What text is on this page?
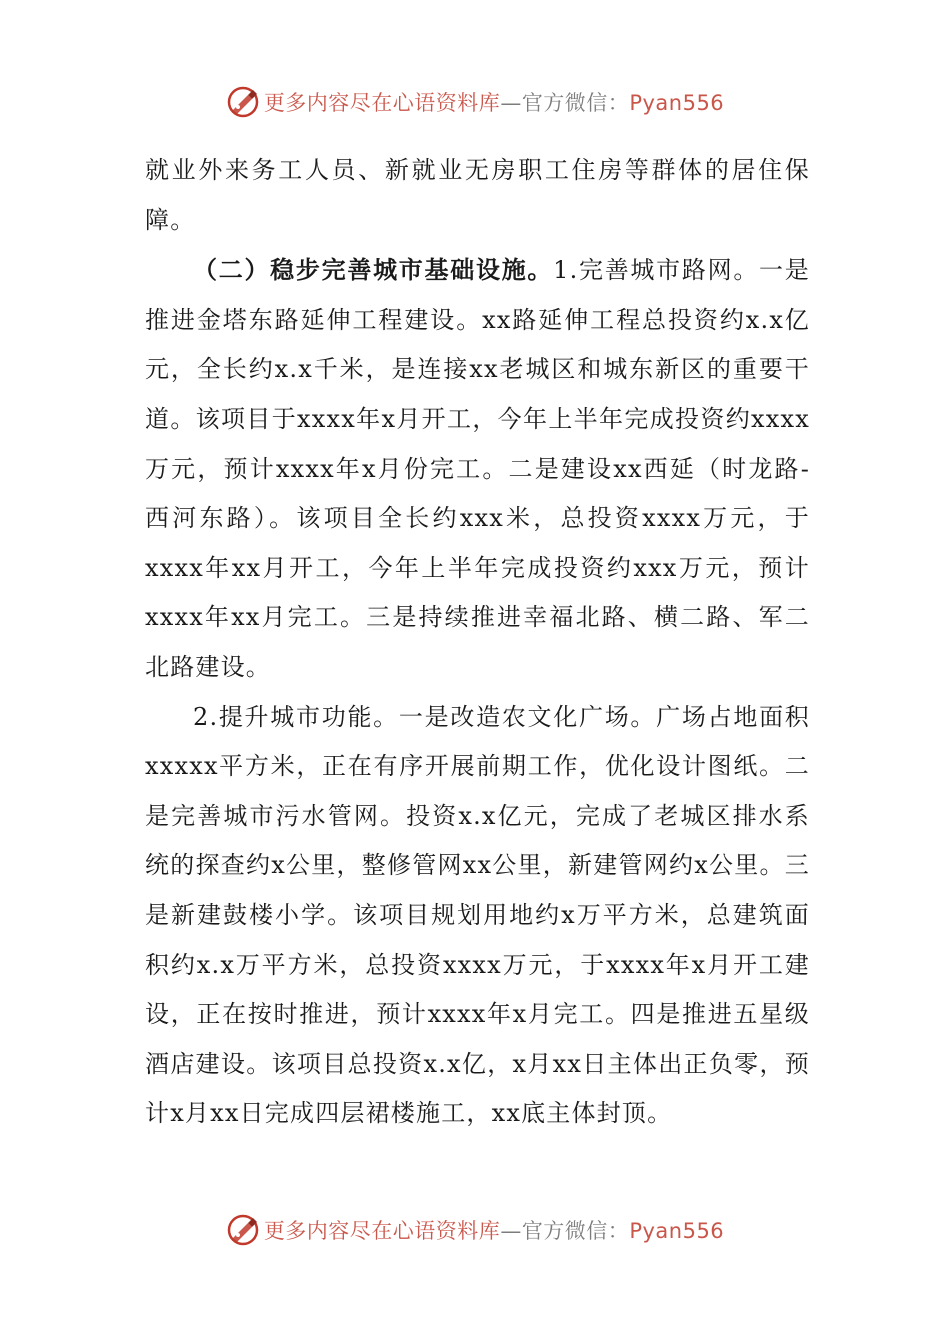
更多内容尽在心语资料库—官方微信：Pyan556

就业外来务工人员、新就业无房职工住房等群体的居住保障。

（二）稳步完善城市基础设施。1.完善城市路网。一是推进金塔东路延伸工程建设。xx路延伸工程总投资约x.x亿元，全长约x.x千米，是连接xx老城区和城东新区的重要干道。该项目于xxxx年x月开工，今年上半年完成投资约xxxx万元，预计xxxx年x月份完工。二是建设xx西延（时龙路-西河东路）。该项目全长约xxx米，总投资xxxx万元，于xxxx年xx月开工，今年上半年完成投资约xxx万元，预计xxxx年xx月完工。三是持续推进幸福北路、横二路、军二北路建设。

2.提升城市功能。一是改造农文化广场。广场占地面积xxxxx平方米，正在有序开展前期工作，优化设计图纸。二是完善城市污水管网。投资x.x亿元，完成了老城区排水系统的探查约x公里，整修管网xx公里，新建管网约x公里。三是新建鼓楼小学。该项目规划用地约x万平方米，总建筑面积约x.x万平方米，总投资xxxx万元，于xxxx年x月开工建设，正在按时推进，预计xxxx年x月完工。四是推进五星级酒店建设。该项目总投资x.x亿，x月xx日主体出正负零，预计x月xx日完成四层裙楼施工，xx底主体封顶。

更多内容尽在心语资料库—官方微信：Pyan556
